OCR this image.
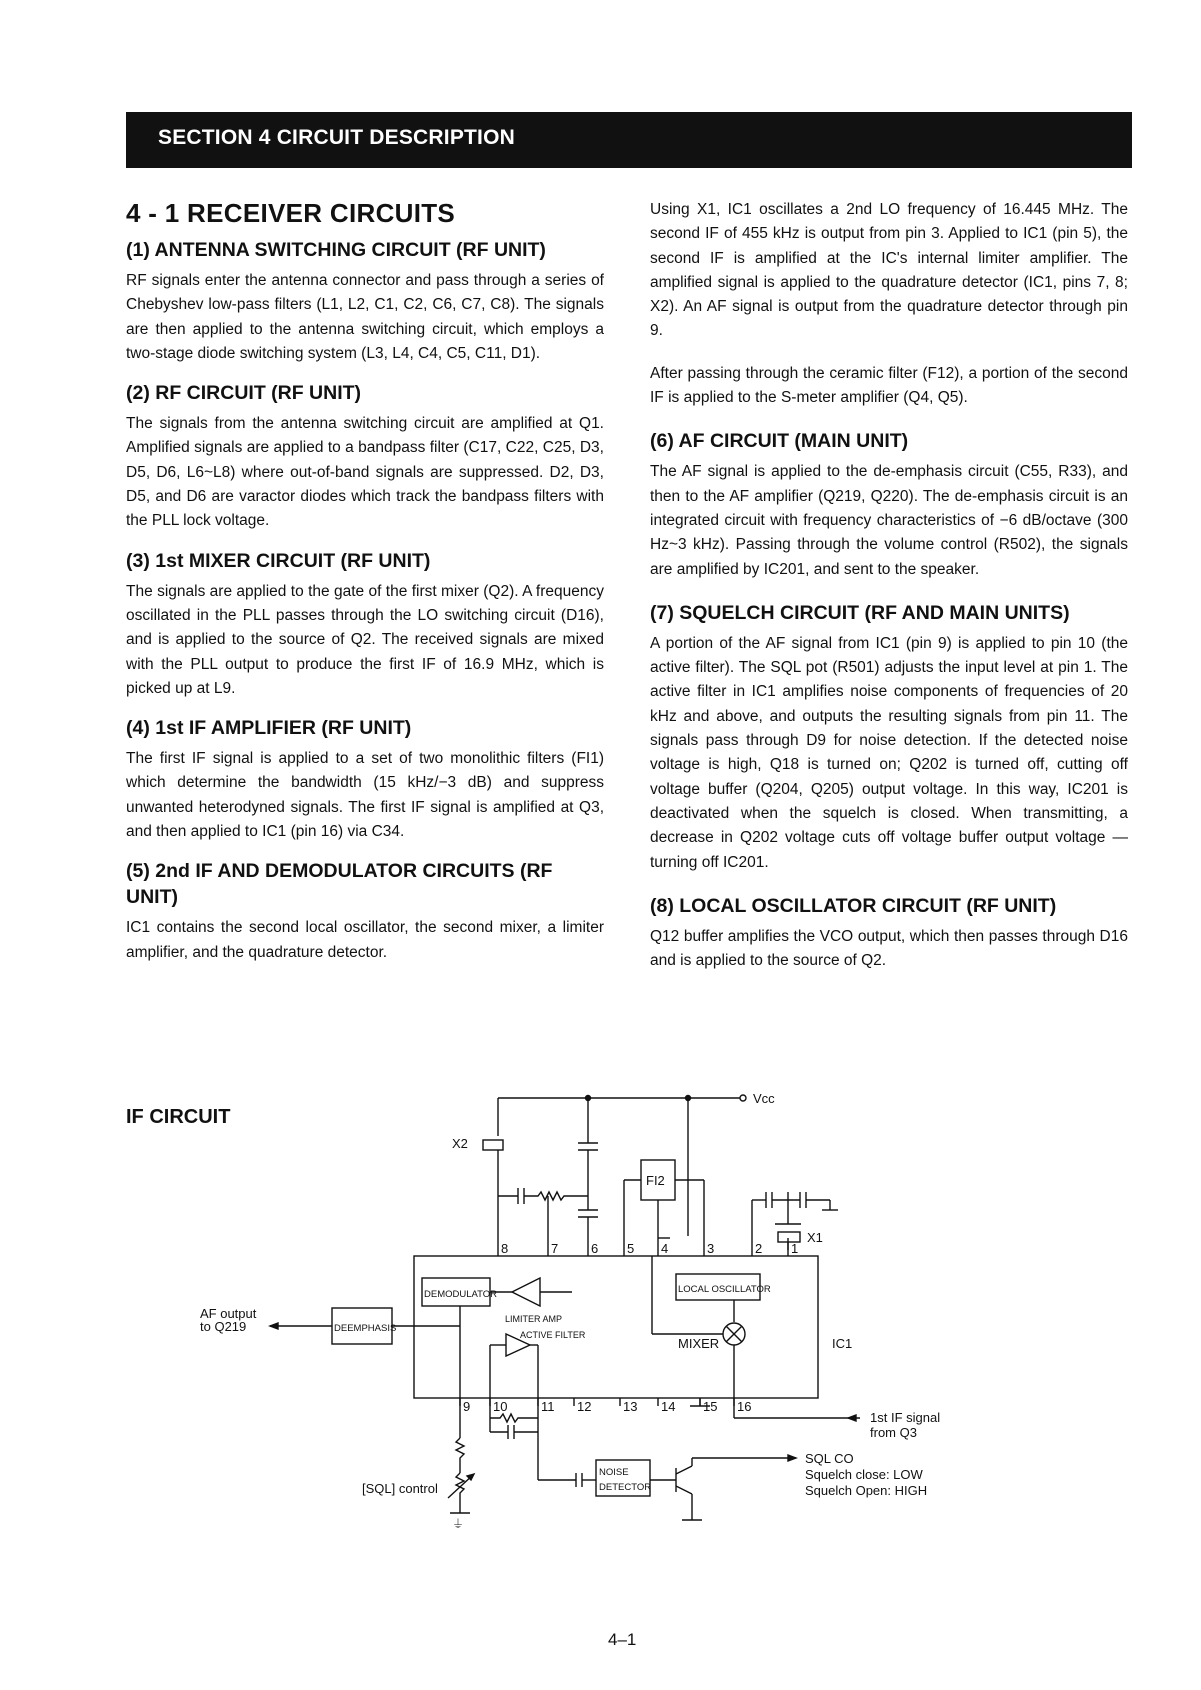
SECTION 4 CIRCUIT DESCRIPTION
4 - 1 RECEIVER CIRCUITS
(1) ANTENNA SWITCHING CIRCUIT (RF UNIT)

RF signals enter the antenna connector and pass through a series of Chebyshev low-pass filters (L1, L2, C1, C2, C6, C7, C8). The signals are then applied to the antenna switching circuit, which employs a two-stage diode switching system (L3, L4, C4, C5, C11, D1).

(2) RF CIRCUIT (RF UNIT)

The signals from the antenna switching circuit are amplified at Q1. Amplified signals are applied to a bandpass filter (C17, C22, C25, D3, D5, D6, L6~L8) where out-of-band signals are suppressed. D2, D3, D5, and D6 are varactor diodes which track the bandpass filters with the PLL lock voltage.

(3) 1st MIXER CIRCUIT (RF UNIT)

The signals are applied to the gate of the first mixer (Q2). A frequency oscillated in the PLL passes through the LO switching circuit (D16), and is applied to the source of Q2. The received signals are mixed with the PLL output to produce the first IF of 16.9 MHz, which is picked up at L9.

(4) 1st IF AMPLIFIER (RF UNIT)

The first IF signal is applied to a set of two monolithic filters (FI1) which determine the bandwidth (15 kHz/−3 dB) and suppress unwanted heterodyned signals. The first IF signal is amplified at Q3, and then applied to IC1 (pin 16) via C34.

(5) 2nd IF AND DEMODULATOR CIRCUITS (RF UNIT)

IC1 contains the second local oscillator, the second mixer, a limiter amplifier, and the quadrature detector.

Using X1, IC1 oscillates a 2nd LO frequency of 16.445 MHz. The second IF of 455 kHz is output from pin 3. Applied to IC1 (pin 5), the second IF is amplified at the IC's internal limiter amplifier. The amplified signal is applied to the quadrature detector (IC1, pins 7, 8; X2). An AF signal is output from the quadrature detector through pin 9.

After passing through the ceramic filter (F12), a portion of the second IF is applied to the S-meter amplifier (Q4, Q5).

(6) AF CIRCUIT (MAIN UNIT)

The AF signal is applied to the de-emphasis circuit (C55, R33), and then to the AF amplifier (Q219, Q220). The de-emphasis circuit is an integrated circuit with frequency characteristics of −6 dB/octave (300 Hz~3 kHz). Passing through the volume control (R502), the signals are amplified by IC201, and sent to the speaker.

(7) SQUELCH CIRCUIT (RF AND MAIN UNITS)

A portion of the AF signal from IC1 (pin 9) is applied to pin 10 (the active filter). The SQL pot (R501) adjusts the input level at pin 1. The active filter in IC1 amplifies noise components of frequencies of 20 kHz and above, and outputs the resulting signals from pin 11. The signals pass through D9 for noise detection. If the detected noise voltage is high, Q18 is turned on; Q202 is turned off, cutting off voltage buffer (Q204, Q205) output voltage. In this way, IC201 is deactivated when the squelch is closed. When transmitting, a decrease in Q202 voltage cuts off voltage buffer output voltage — turning off IC201.

(8) LOCAL OSCILLATOR CIRCUIT (RF UNIT)

Q12 buffer amplifies the VCO output, which then passes through D16 and is applied to the source of Q2.

IF CIRCUIT
Vcc
X2
FI2
X1
IC1
8	7	6 5 4	3	2 1
9 10	11 12 13 14 15 16
DEMODULATOR
LIMITER AMP
ACTIVE FILTER
LOCAL OSCILLATOR
MIXER
AF output
to Q219	DEEMPHASIS
[SQL] control
⏚
NOISE
DETECTOR
SQL CO
Squelch close: LOW
Squelch Open: HIGH
1st IF signal
from Q3
4–1
